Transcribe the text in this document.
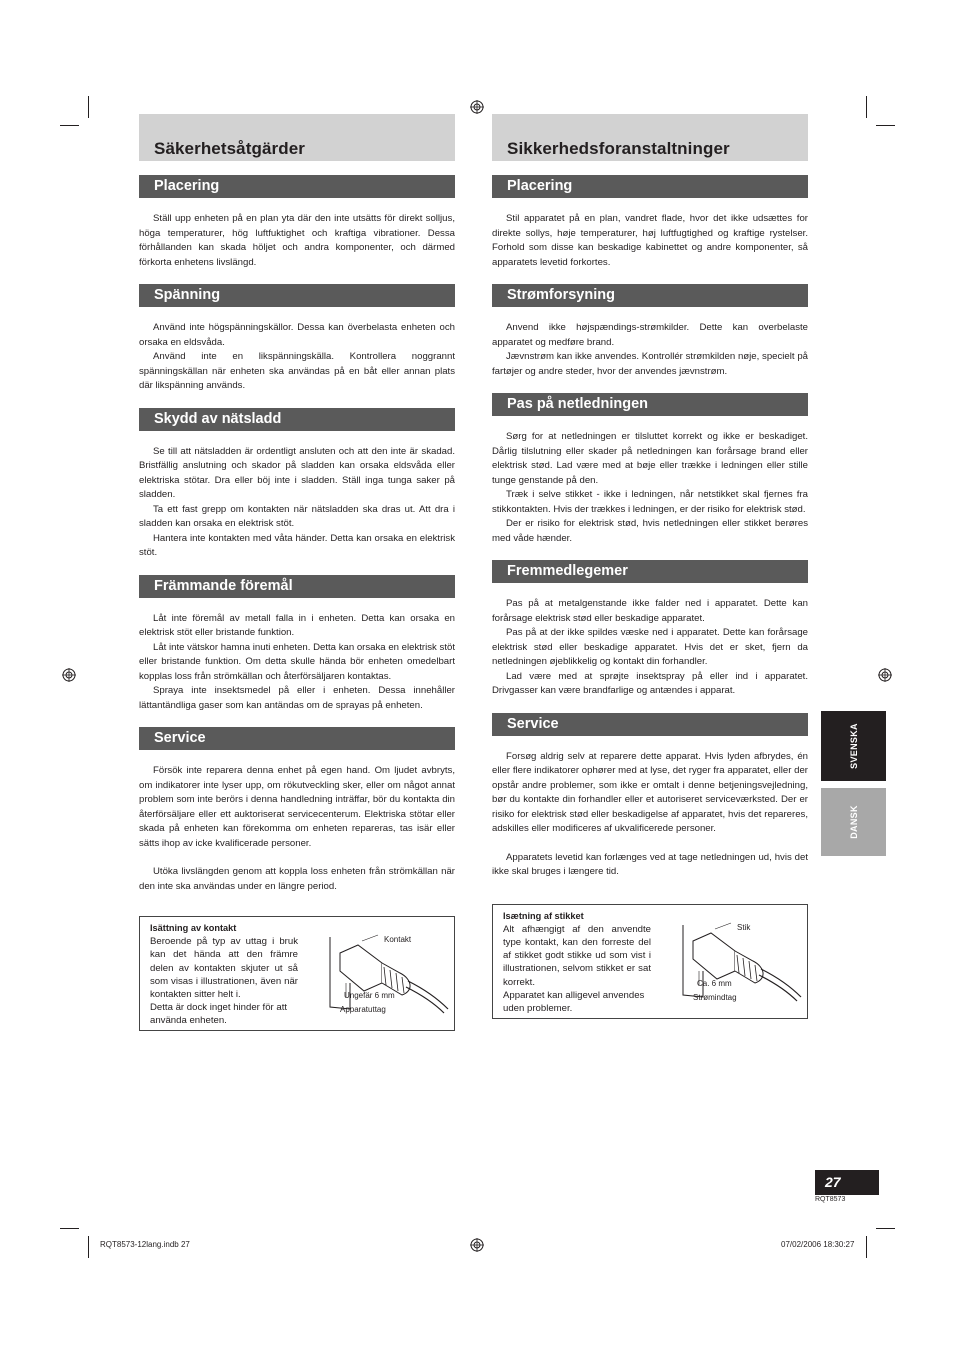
Säkerhetsåtgärder
Placering

Ställ upp enheten på en plan yta där den inte utsätts för direkt solljus, höga temperaturer, hög luftfuktighet och kraftiga vibrationer. Dessa förhållanden kan skada höljet och andra komponenter, och därmed förkorta enhetens livslängd.

Spänning

Använd inte högspänningskällor. Dessa kan överbelasta enheten och orsaka en eldsvåda.

Använd inte en likspänningskälla. Kontrollera noggrannt spänningskällan när enheten ska användas på en båt eller annan plats där likspänning används.

Skydd av nätsladd

Se till att nätsladden är ordentligt ansluten och att den inte är skadad. Bristfällig anslutning och skador på sladden kan orsaka eldsvåda eller elektriska stötar. Dra eller böj inte i sladden. Ställ inga tunga saker på sladden.

Ta ett fast grepp om kontakten när nätsladden ska dras ut. Att dra i sladden kan orsaka en elektrisk stöt.

Hantera inte kontakten med våta händer. Detta kan orsaka en elektrisk stöt.

Främmande föremål

Låt inte föremål av metall falla in i enheten. Detta kan orsaka en elektrisk stöt eller bristande funktion.

Låt inte vätskor hamna inuti enheten. Detta kan orsaka en elektrisk stöt eller bristande funktion. Om detta skulle hända bör enheten omedelbart kopplas loss från strömkällan och återförsäljaren kontaktas.

Spraya inte insektsmedel på eller i enheten. Dessa innehåller lättantändliga gaser som kan antändas om de sprayas på enheten.

Service

Försök inte reparera denna enhet på egen hand. Om ljudet avbryts, om indikatorer inte lyser upp, om rökutveckling sker, eller om något annat problem som inte berörs i denna handledning inträffar, bör du kontakta din återförsäljare eller ett auktoriserat servicecenterum. Elektriska stötar eller skada på enheten kan förekomma om enheten repareras, tas isär eller sätts ihop av icke kvalificerade personer.

Utöka livslängden genom att koppla loss enheten från strömkällan när den inte ska användas under en längre period.

Isättning av kontakt
Beroende på typ av uttag i bruk kan det hända att den främre delen av kontakten skjuter ut så som visas i illustrationen, även när kontakten sitter helt i.
Detta är dock inget hinder för att använda enheten.
Kontakt
Ungefär 6 mm
Apparatuttag
Sikkerhedsforanstaltninger
Placering

Stil apparatet på en plan, vandret flade, hvor det ikke udsættes for direkte sollys, høje temperaturer, høj luftfugtighed og kraftige rystelser. Forhold som disse kan beskadige kabinettet og andre komponenter, så apparatets levetid forkortes.

Strømforsyning

Anvend ikke højspændings-strømkilder. Dette kan overbelaste apparatet og medføre brand.

Jævnstrøm kan ikke anvendes. Kontrollér strømkilden nøje, specielt på fartøjer og andre steder, hvor der anvendes jævnstrøm.

Pas på netledningen

Sørg for at netledningen er tilsluttet korrekt og ikke er beskadiget. Dårlig tilslutning eller skader på netledningen kan forårsage brand eller elektrisk stød. Lad være med at bøje eller trække i ledningen eller stille tunge genstande på den.

Træk i selve stikket - ikke i ledningen, når netstikket skal fjernes fra stikkontakten. Hvis der trækkes i ledningen, er der risiko for elektrisk stød.

Der er risiko for elektrisk stød, hvis netledningen eller stikket berøres med våde hænder.

Fremmedlegemer

Pas på at metalgenstande ikke falder ned i apparatet. Dette kan forårsage elektrisk stød eller beskadige apparatet.

Pas på at der ikke spildes væske ned i apparatet. Dette kan forårsage elektrisk stød eller beskadige apparatet. Hvis det er sket, fjern da netledningen øjeblikkelig og kontakt din forhandler.

Lad være med at sprøjte insektspray på eller ind i apparatet. Drivgasser kan være brandfarlige og antændes i apparat.

Service

Forsøg aldrig selv at reparere dette apparat. Hvis lyden afbrydes, én eller flere indikatorer ophører med at lyse, det ryger fra apparatet, eller der opstår andre problemer, som ikke er omtalt i denne betjeningsvejledning, bør du kontakte din forhandler eller et autoriseret serviceværksted. Der er risiko for elektrisk stød eller beskadigelse af apparatet, hvis det repareres, adskilles eller modificeres af ukvalificerede personer.

Apparatets levetid kan forlænges ved at tage netledningen ud, hvis det ikke skal bruges i længere tid.

Isætning af stikket
Alt afhængigt af den anvendte type kontakt, kan den forreste del af stikket godt stikke ud som vist i illustrationen, selvom stikket er sat korrekt.
Apparatet kan alligevel anvendes uden problemer.
Stik
Ca. 6 mm
Strømindtag
SVENSKA
DANSK
27
RQT8573
RQT8573-12lang.indb 27	07/02/2006 18:30:27
